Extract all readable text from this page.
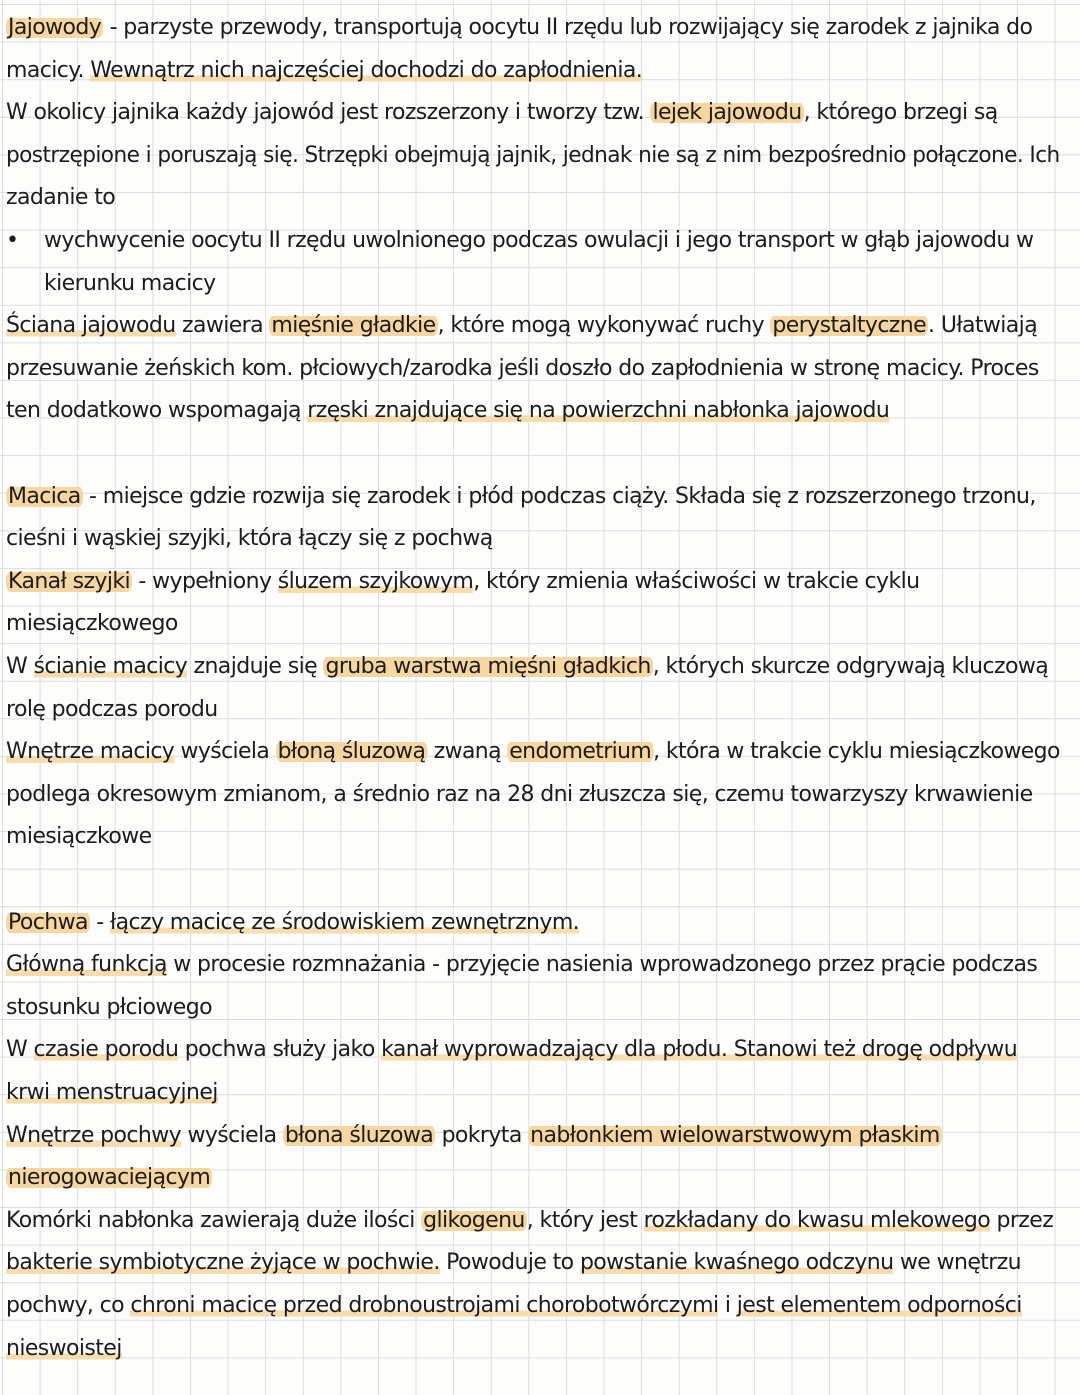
Jajowody - parzyste przewody, transportują oocytu II rzędu lub rozwijający się zarodek z jajnika do
macicy. Wewnątrz nich najczęściej dochodzi do zapłodnienia.
W okolicy jajnika każdy jajowód jest rozszerzony i tworzy tzw. lejek jajowodu, którego brzegi są
postrzępione i poruszają się. Strzępki obejmują jajnik, jednak nie są z nim bezpośrednio połączone. Ich
zadanie to
• wychwycenie oocytu II rzędu uwolnionego podczas owulacji i jego transport w głąb jajowodu w
kierunku macicy
Ściana jajowodu zawiera mięśnie gładkie, które mogą wykonywać ruchy perystaltyczne. Ułatwiają
przesuwanie żeńskich kom. płciowych/zarodka jeśli doszło do zapłodnienia w stronę macicy. Proces
ten dodatkowo wspomagają rzęski znajdujące się na powierzchni nabłonka jajowodu
Macica - miejsce gdzie rozwija się zarodek i płód podczas ciąży. Składa się z rozszerzonego trzonu,
cieśni i wąskiej szyjki, która łączy się z pochwą
Kanał szyjki - wypełniony śluzem szyjkowym, który zmienia właściwości w trakcie cyklu
miesiączkowego
W ścianie macicy znajduje się gruba warstwa mięśni gładkich, których skurcze odgrywają kluczową
rolę podczas porodu
Wnętrze macicy wyściela błoną śluzową zwaną endometrium, która w trakcie cyklu miesiączkowego
podlega okresowym zmianom, a średnio raz na 28 dni złuszcza się, czemu towarzyszy krwawienie
miesiączkowe
Pochwa - łączy macicę ze środowiskiem zewnętrznym.
Główną funkcją w procesie rozmnażania - przyjęcie nasienia wprowadzonego przez prącie podczas
stosunku płciowego
W czasie porodu pochwa służy jako kanał wyprowadzający dla płodu. Stanowi też drogę odpływu
krwi menstruacyjnej
Wnętrze pochwy wyściela błona śluzowa pokryta nabłonkiem wielowarstwowym płaskim
nierogowaciejącym
Komórki nabłonka zawierają duże ilości glikogenu, który jest rozkładany do kwasu mlekowego przez
bakterie symbiotyczne żyjące w pochwie. Powoduje to powstanie kwaśnego odczynu we wnętrzu
pochwy, co chroni macicę przed drobnoustrojami chorobotwórczymi i jest elementem odporności
nieswoistej
